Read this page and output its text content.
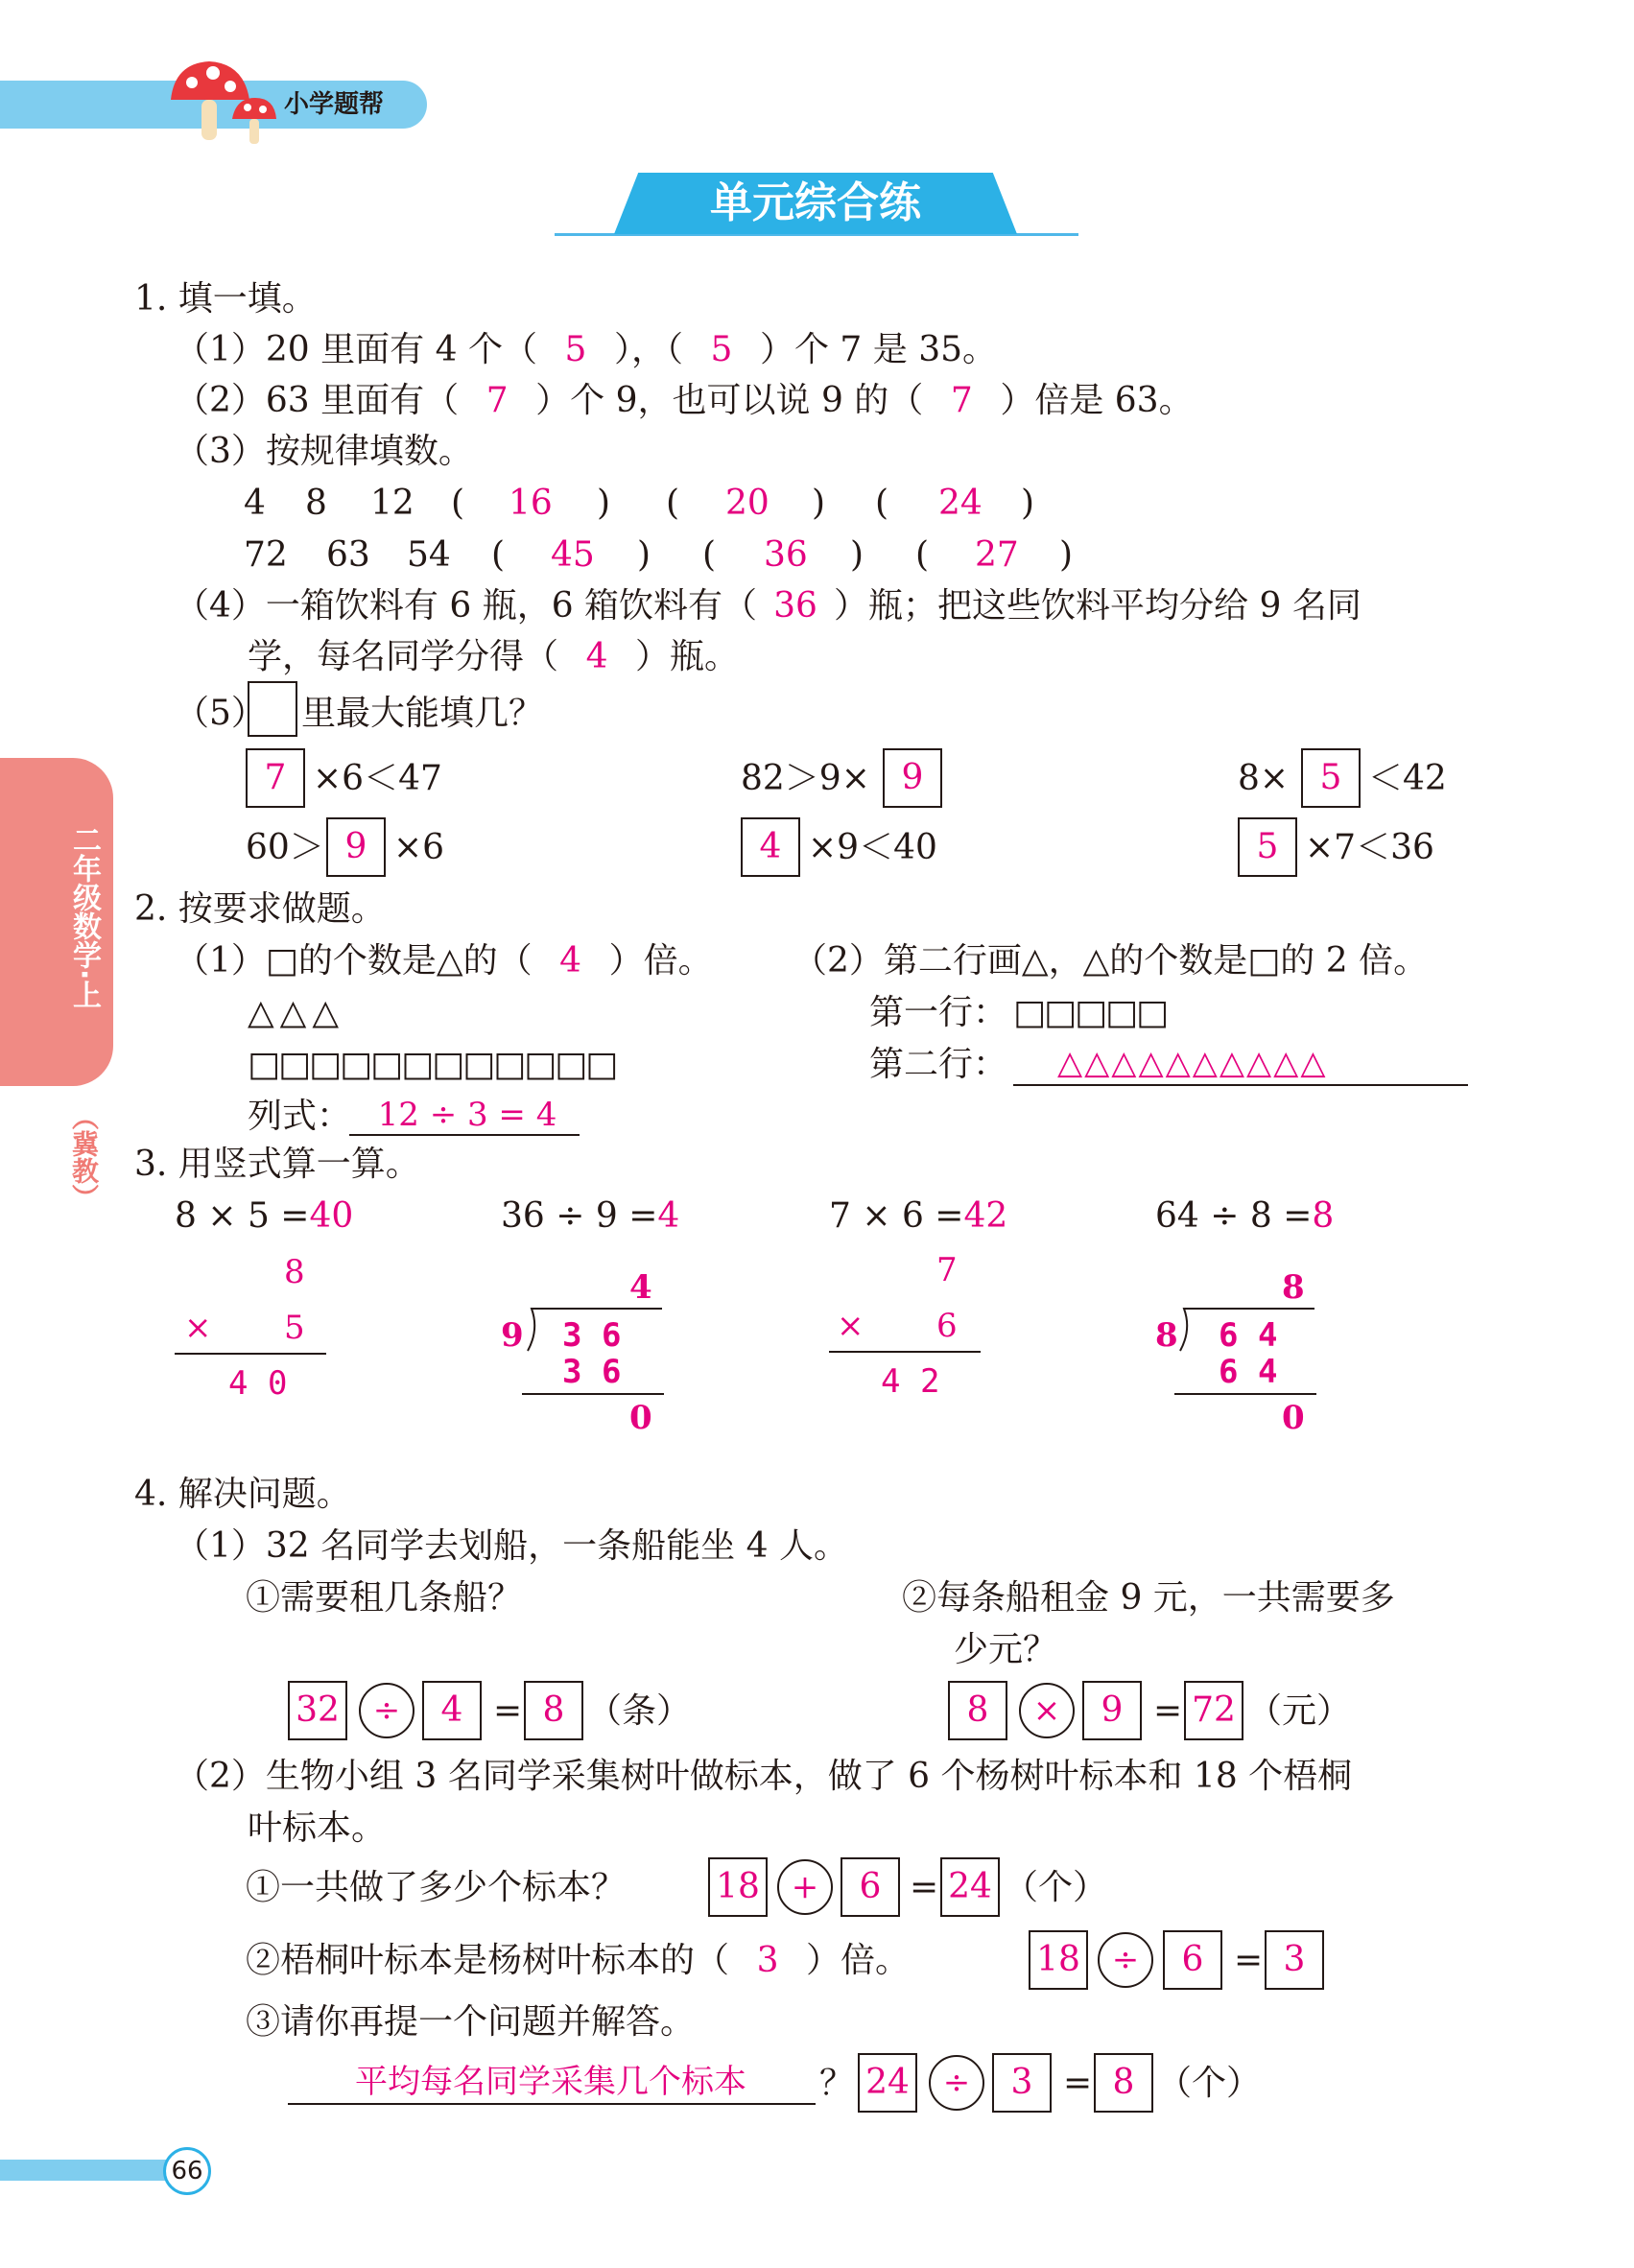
小学题帮
单元综合练
二年级数学·上
（冀教）
1. 填一填。
（1）20 里面有 4 个（ 5 ），（ 5 ）个 7 是 35。
（2）63 里面有（ 7 ）个 9，也可以说 9 的（ 7 ）倍是 63。
（3）按规律填数。
4 8 12 ( 16 ) ( 20 ) ( 24 )
72 63 54 ( 45 ) ( 36 ) ( 27 )
（4）一箱饮料有 6 瓶，6 箱饮料有（ 36 ）瓶；把这些饮料平均分给 9 名同
学，每名同学分得（ 4 ）瓶。
（5） 里最大能填几？
7 ×6＜47	82＞9× 9	8× 5 ＜42
60＞ 9 ×6	4 ×9＜40	5 ×7＜36
2. 按要求做题。
（1）□的个数是△的（ 4 ）倍。 （2）第二行画△，△的个数是□的 2 倍。
△△△
□□□□□□□□□□□□
列式： 12 ÷ 3 = 4
第一行： □□□□□
第二行： △△△△△△△△△△
3. 用竖式算一算。
8 × 5 =40	36 ÷ 9 =4	7 × 6 =42	64 ÷ 8 =8
8
× 5
4 0
4
9 3 6
3 6
0
7
× 6
4 2
8
8 6 4
6 4
0
4. 解决问题。
（1）32 名同学去划船，一条船能坐 4 人。
①需要租几条船？	②每条船租金 9 元，一共需要多
少元？
32	÷	4 = 8 （条）	8	×	9 = 72 （元）
（2）生物小组 3 名同学采集树叶做标本，做了 6 个杨树叶标本和 18 个梧桐
叶标本。
①一共做了多少个标本？	18 +	6 = 24 （个）
②梧桐叶标本是杨树叶标本的（ 3 ）倍。	18 ÷	6 = 3
③请你再提一个问题并解答。
平均每名同学采集几个标本	？ 24	÷	3 = 8 （个）
66
